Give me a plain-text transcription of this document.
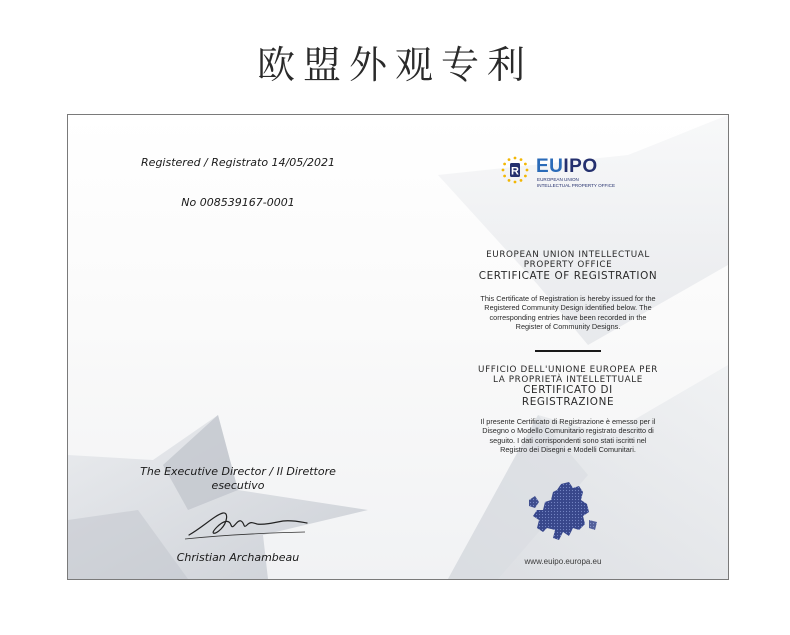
欧盟外观专利
Registered / Registrato 14/05/2021
No 008539167-0001
The Executive Director / Il Direttore
esecutivo
Christian Archambeau
R EUIPO
EUROPEAN UNION
INTELLECTUAL PROPERTY OFFICE
EUROPEAN UNION INTELLECTUAL
PROPERTY OFFICE
CERTIFICATE OF REGISTRATION
This Certificate of Registration is hereby issued for the
Registered Community Design identified below. The
corresponding entries have been recorded in the
Register of Community Designs.
UFFICIO DELL'UNIONE EUROPEA PER
LA PROPRIETÀ INTELLETTUALE
CERTIFICATO DI
REGISTRAZIONE
Il presente Certificato di Registrazione è emesso per il
Disegno o Modello Comunitario registrato descritto di
seguito. I dati corrispondenti sono stati iscritti nel
Registro dei Disegni e Modelli Comunitari.
www.euipo.europa.eu
